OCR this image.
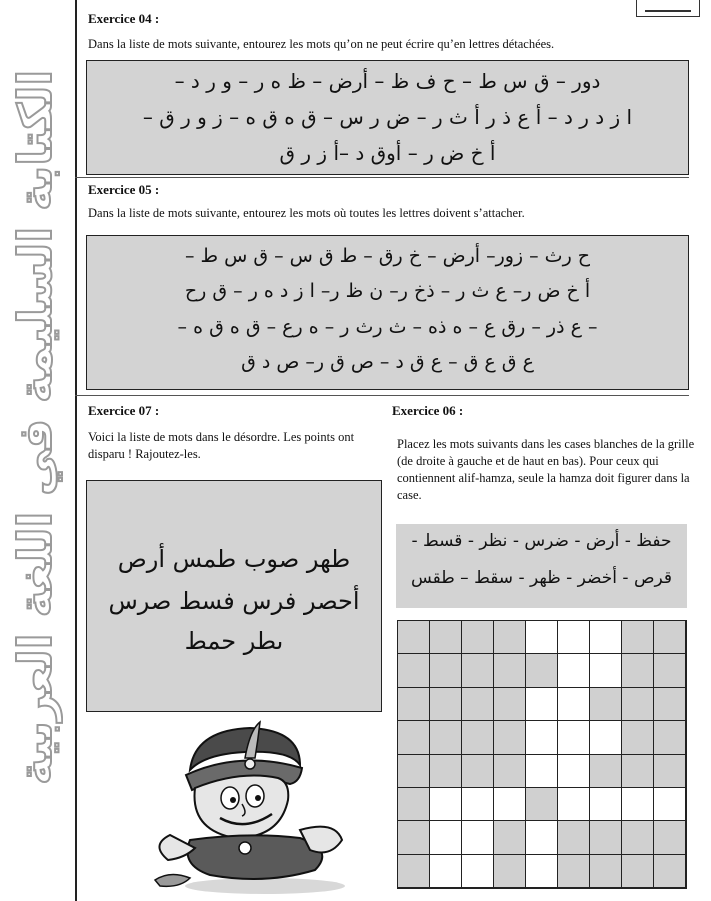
الكتابة السليمة في اللغة العربية
Exercice 04 :
Dans la liste de mots suivante, entourez les mots qu’on ne peut écrire qu’en lettres détachées.
دور – ق س ط – ح ف ظ – أرض – ظ ه ر – و ر د –
ا ز د ر د – أ ع ذ ر أ ث ر – ض ر س – ق ه ق ه – ز و ر ق –
أ خ ض ر – أوق د –أ ز ر ق
Exercice 05 :
Dans la liste de mots suivante, entourez les mots où toutes les lettres doivent s’attacher.
ح رث – زور– أرض – خ رق – ط ق س – ق س ط –
أ خ ض ر– ع ث ر – ذخ ر– ن ظ ر– ا ز د ه ر – ق رح
– ع ذر – رق ع – ه ذه – ث رث ر – ه رع – ق ه ق ه –
ع ق ع ق – ع ق د – ص ق ر– ص د ق
Exercice 07 :
Voici la liste de mots dans le désordre. Les points ont disparu ! Rajoutez-les.
طهر صوب طمس أرص
أحصر فرس فسط صرس
ىطر حمط
Exercice 06 :
Placez les mots suivants dans les cases blanches de la grille (de droite à gauche et de haut en bas). Pour ceux qui contiennent alif-hamza, seule la hamza doit figurer dans la case.
حفظ - أرض - ضرس - نظر - قسط -
قرص - أخضر - ظهر - سقط – طقس
